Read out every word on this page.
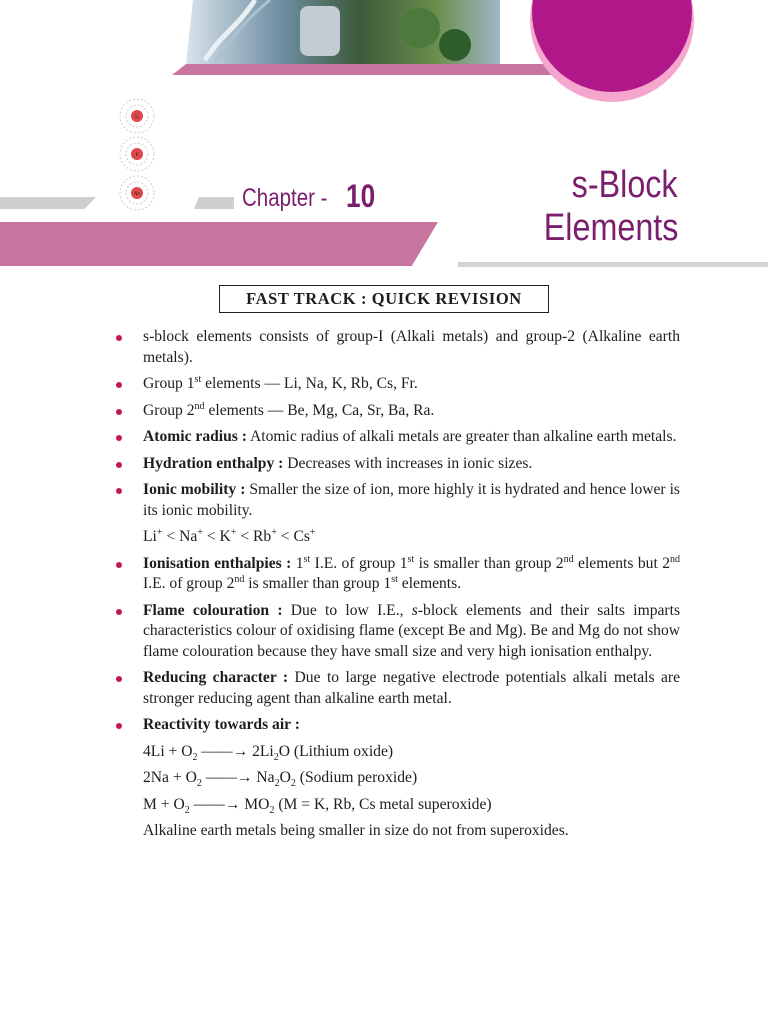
Li
K
Na	Chapter - 10	s-Block
Elements
FAST TRACK : QUICK REVISION
s-block elements consists of group-I (Alkali metals) and group-2 (Alkaline earth metals).
Group 1st elements — Li, Na, K, Rb, Cs, Fr.
Group 2nd elements — Be, Mg, Ca, Sr, Ba, Ra.
Atomic radius : Atomic radius of alkali metals are greater than alkaline earth metals.
Hydration enthalpy : Decreases with increases in ionic sizes.
Ionic mobility : Smaller the size of ion, more highly it is hydrated and hence lower is its ionic mobility.
Li+ < Na+ < K+ < Rb+ < Cs+
Ionisation enthalpies : 1st I.E. of group 1st is smaller than group 2nd elements but 2nd I.E. of group 2nd is smaller than group 1st elements.
Flame colouration : Due to low I.E., s-block elements and their salts imparts characteristics colour of oxidising flame (except Be and Mg). Be and Mg do not show flame colouration because they have small size and very high ionisation enthalpy.
Reducing character : Due to large negative electrode potentials alkali metals are stronger reducing agent than alkaline earth metal.
Reactivity towards air :
$4Li + O_2$ ——→ $2Li_2O$ (Lithium oxide)
$2Na + O_2$ ——→ $Na_2O_2$ (Sodium peroxide)
$M + O_2$ ——→ $MO_2$ (M = K, Rb, Cs metal superoxide)
Alkaline earth metals being smaller in size do not from superoxides.
